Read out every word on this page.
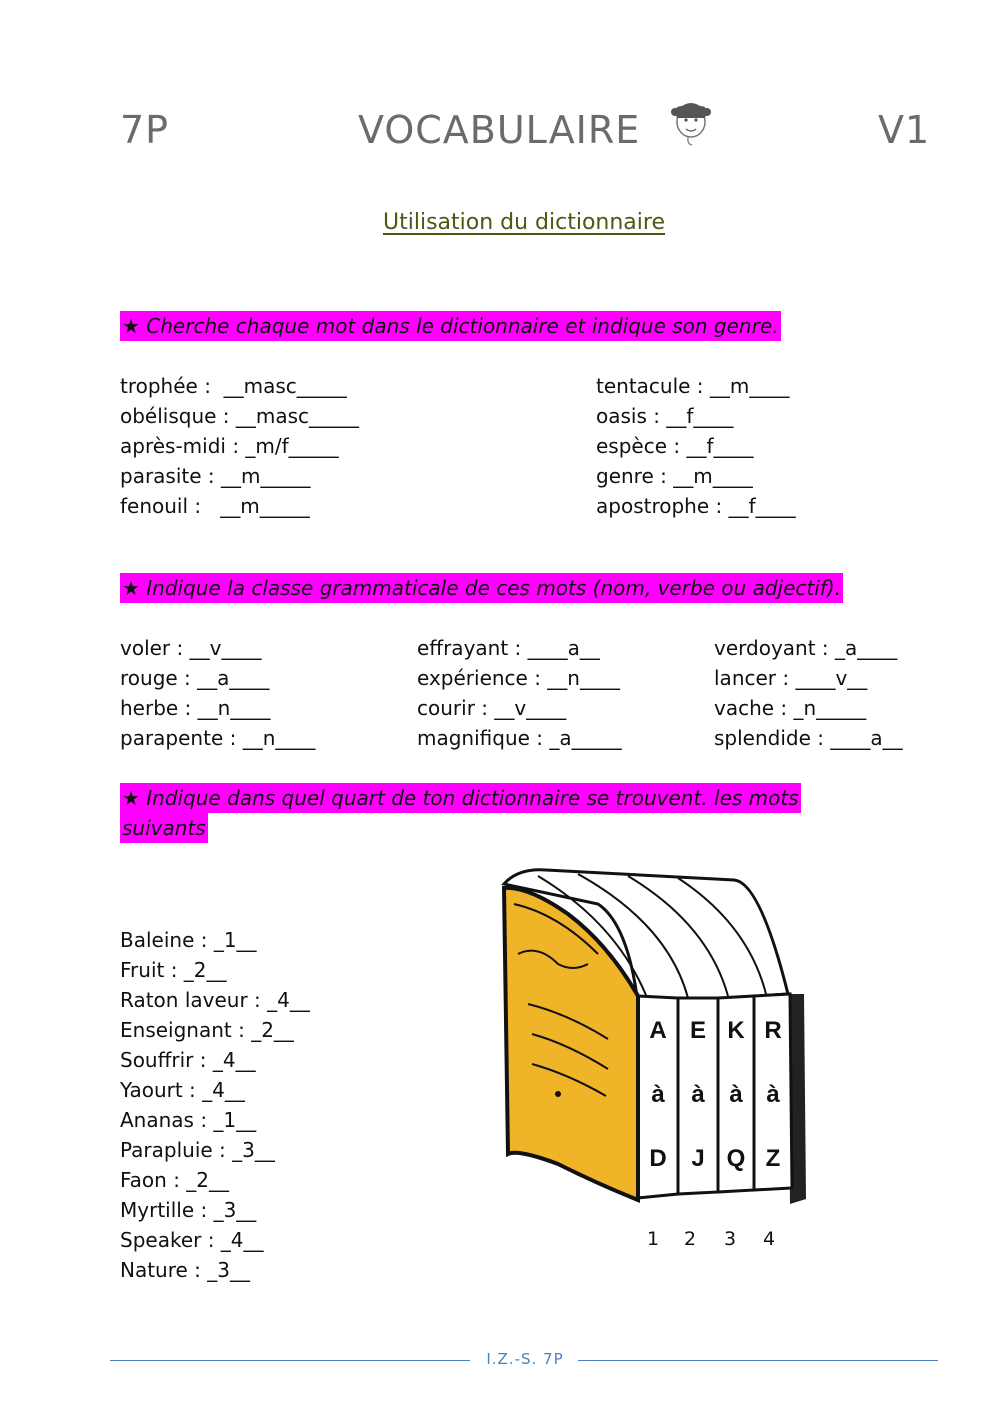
7P	VOCABULAIRE	V1
Utilisation du dictionnaire
★ Cherche chaque mot dans le dictionnaire et indique son genre.
trophée :  __masc_____
obélisque : __masc_____
après-midi : _m/f_____
parasite : __m_____
fenouil :   __m_____
tentacule : __m____
oasis : __f____
espèce : __f____
genre : __m____
apostrophe : __f____
★ Indique la classe grammaticale de ces mots (nom, verbe ou adjectif).
voler : __v____
rouge : __a____
herbe : __n____
parapente : __n____
effrayant : ____a__
expérience : __n____
courir : __v____
magnifique : _a_____
verdoyant : _a____
lancer : ____v__
vache : _n_____
splendide : ____a__
★ Indique dans quel quart de ton dictionnaire se trouvent. les mots
suivants
Baleine : _1__
Fruit : _2__
Raton laveur : _4__
Enseignant : _2__
Souffrir : _4__
Yaourt : _4__
Ananas : _1__
Parapluie : _3__
Faon : _2__
Myrtille : _3__
Speaker : _4__
Nature : _3__
A
à
D
E
à
J
K
à
Q
R
à
Z
1 2 3 4
I.Z.-S. 7P
